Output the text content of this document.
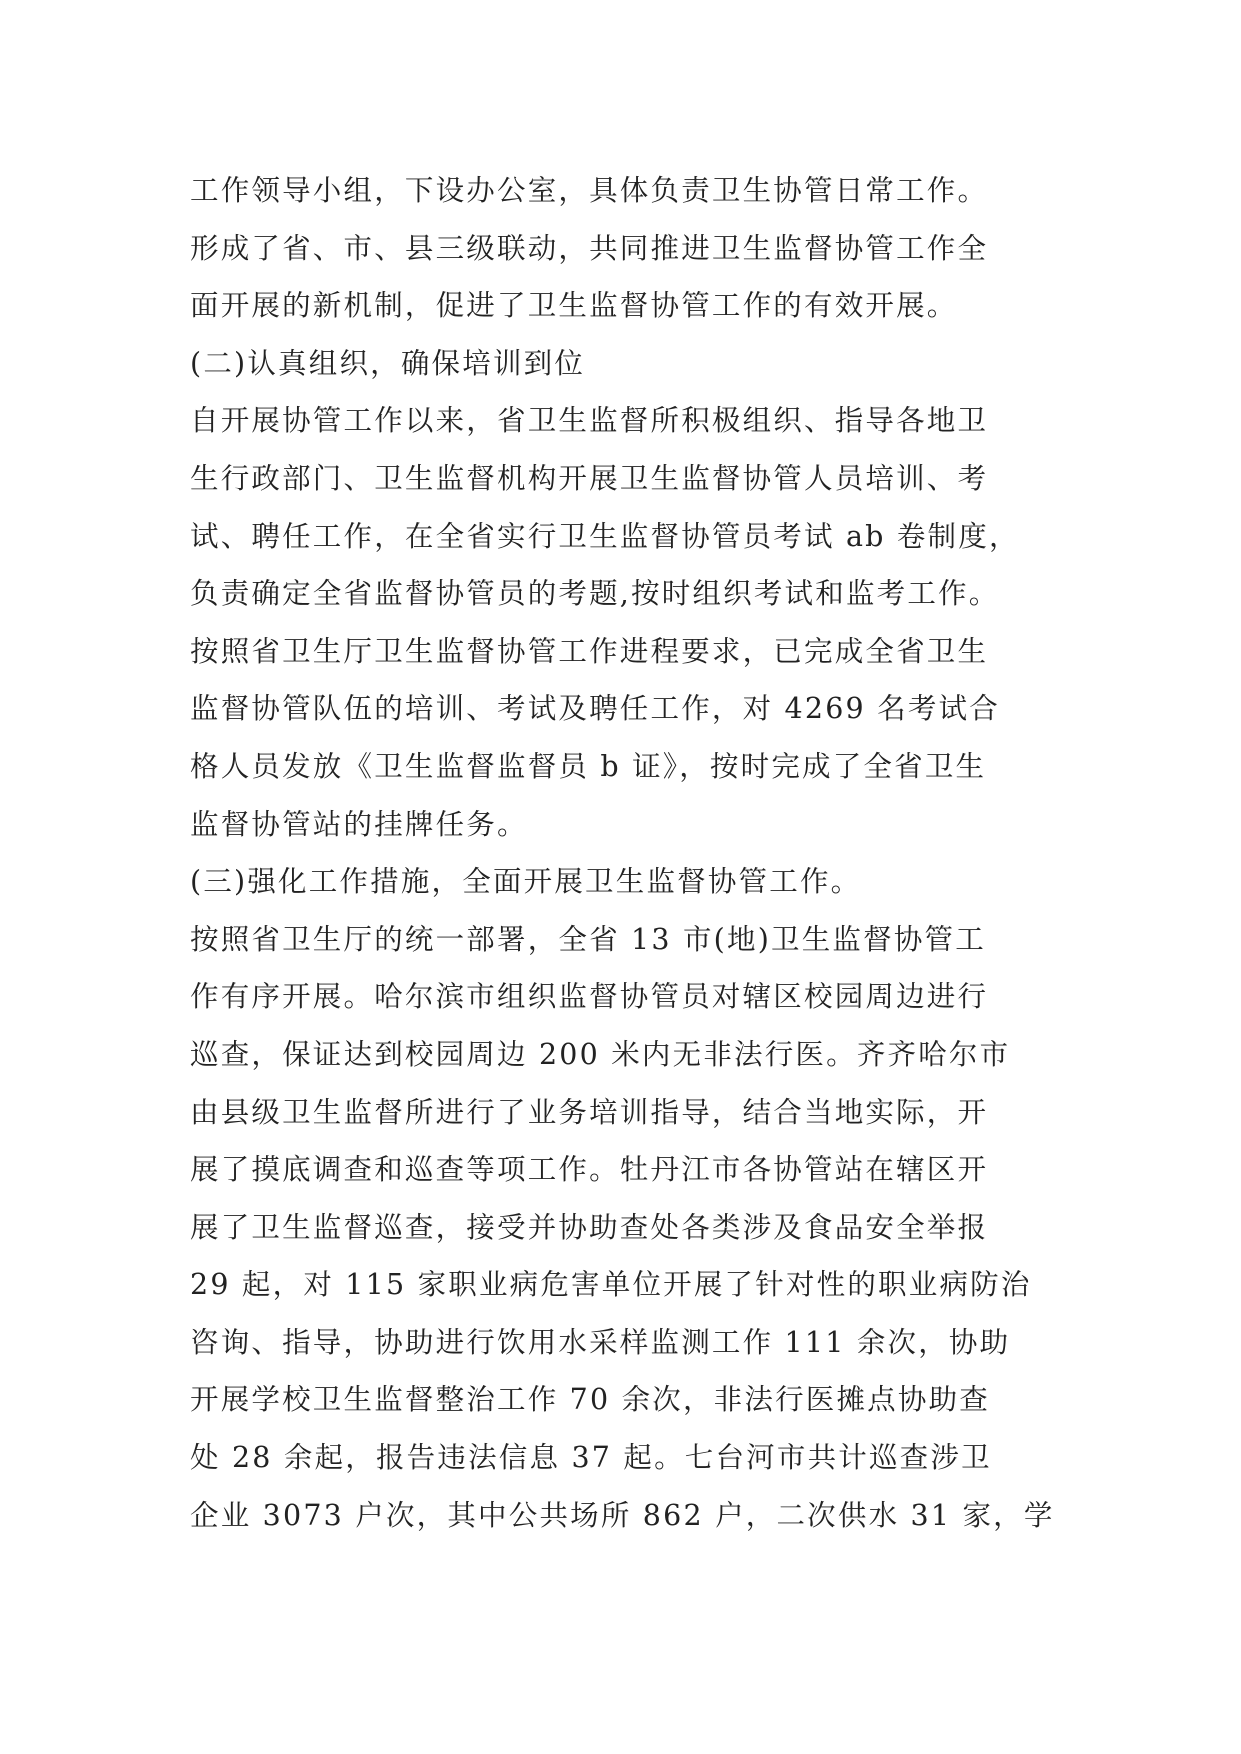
工作领导小组，下设办公室，具体负责卫生协管日常工作。
形成了省、市、县三级联动，共同推进卫生监督协管工作全
面开展的新机制，促进了卫生监督协管工作的有效开展。
(二)认真组织，确保培训到位
自开展协管工作以来，省卫生监督所积极组织、指导各地卫
生行政部门、卫生监督机构开展卫生监督协管人员培训、考
试、聘任工作，在全省实行卫生监督协管员考试 ab 卷制度，
负责确定全省监督协管员的考题,按时组织考试和监考工作。
按照省卫生厅卫生监督协管工作进程要求，已完成全省卫生
监督协管队伍的培训、考试及聘任工作，对 4269 名考试合
格人员发放《卫生监督监督员 b 证》，按时完成了全省卫生
监督协管站的挂牌任务。
(三)强化工作措施，全面开展卫生监督协管工作。
按照省卫生厅的统一部署，全省 13 市(地)卫生监督协管工
作有序开展。哈尔滨市组织监督协管员对辖区校园周边进行
巡查，保证达到校园周边 200 米内无非法行医。齐齐哈尔市
由县级卫生监督所进行了业务培训指导，结合当地实际，开
展了摸底调查和巡查等项工作。牡丹江市各协管站在辖区开
展了卫生监督巡查，接受并协助查处各类涉及食品安全举报
29 起，对 115 家职业病危害单位开展了针对性的职业病防治
咨询、指导，协助进行饮用水采样监测工作 111 余次，协助
开展学校卫生监督整治工作 70 余次，非法行医摊点协助查
处 28 余起，报告违法信息 37 起。七台河市共计巡查涉卫
企业 3073 户次，其中公共场所 862 户，二次供水 31 家，学
